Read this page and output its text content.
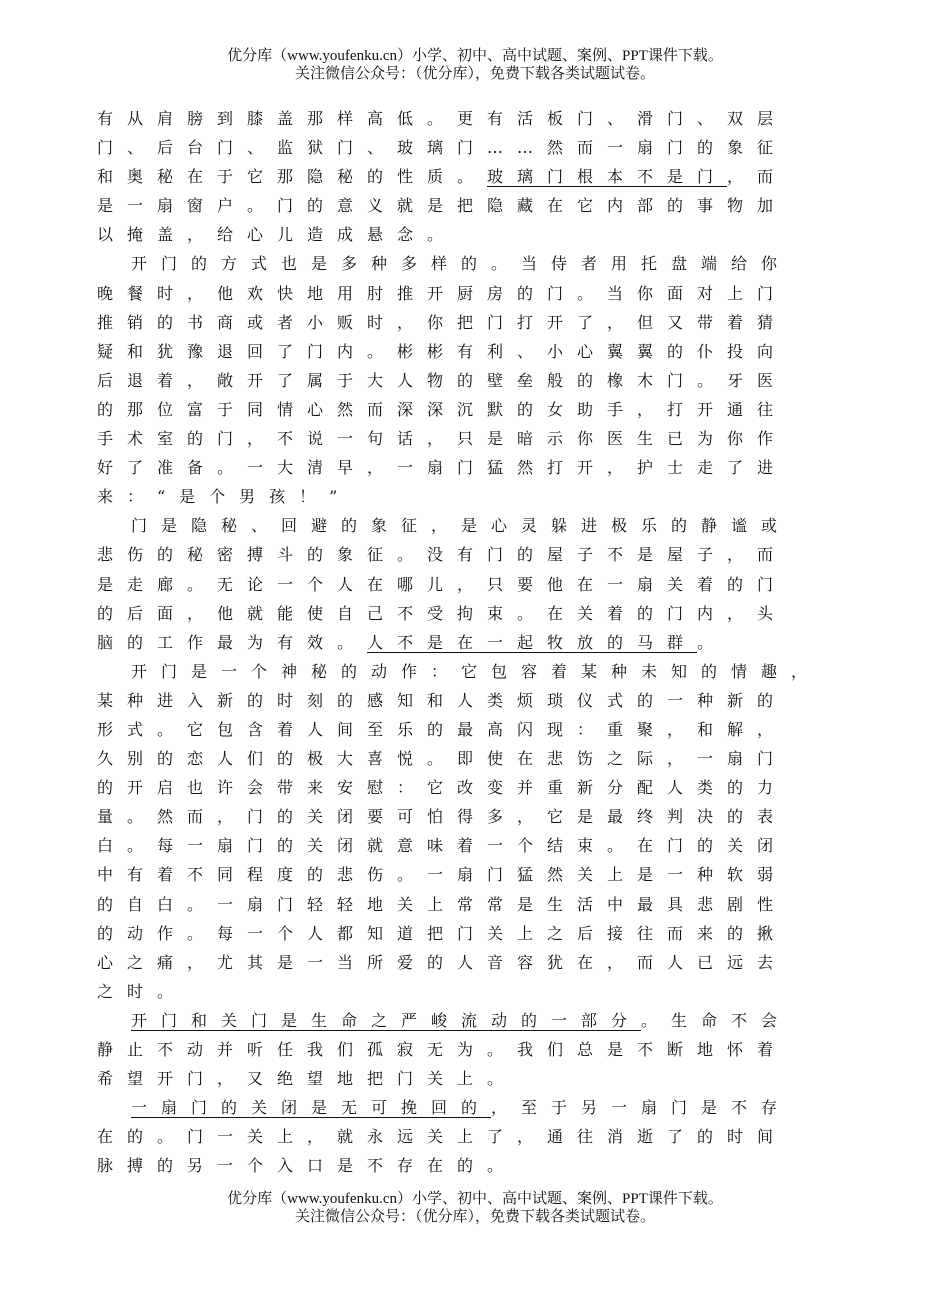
优分库（www.youfenku.cn）小学、初中、高中试题、案例、PPT课件下载。
关注微信公众号：（优分库），免费下载各类试题试卷。
有从肩膀到膝盖那样高低。更有活板门、滑门、双层
门、后台门、监狱门、玻璃门……然而一扇门的象征
和奥秘在于它那隐秘的性质。玻璃门根本不是门，而
是一扇窗户。门的意义就是把隐藏在它内部的事物加
以掩盖，给心儿造成悬念。
开门的方式也是多种多样的。当侍者用托盘端给你
晚餐时，他欢快地用肘推开厨房的门。当你面对上门
推销的书商或者小贩时，你把门打开了，但又带着猜
疑和犹豫退回了门内。彬彬有利、小心翼翼的仆投向
后退着，敞开了属于大人物的壁垒般的橡木门。牙医
的那位富于同情心然而深深沉默的女助手，打开通往
手术室的门，不说一句话，只是暗示你医生已为你作
好了准备。一大清早，一扇门猛然打开，护士走了进
来：“是个男孩！”
门是隐秘、回避的象征，是心灵躲进极乐的静谧或
悲伤的秘密搏斗的象征。没有门的屋子不是屋子，而
是走廊。无论一个人在哪儿，只要他在一扇关着的门
的后面，他就能使自己不受拘束。在关着的门内，头
脑的工作最为有效。人不是在一起牧放的马群。
开门是一个神秘的动作：它包容着某种未知的情趣，
某种进入新的时刻的感知和人类烦琐仪式的一种新的
形式。它包含着人间至乐的最高闪现：重聚，和解，
久别的恋人们的极大喜悦。即使在悲饬之际，一扇门
的开启也许会带来安慰：它改变并重新分配人类的力
量。然而，门的关闭要可怕得多，它是最终判决的表
白。每一扇门的关闭就意味着一个结束。在门的关闭
中有着不同程度的悲伤。一扇门猛然关上是一种软弱
的自白。一扇门轻轻地关上常常是生活中最具悲剧性
的动作。每一个人都知道把门关上之后接往而来的揪
心之痛，尤其是一当所爱的人音容犹在，而人已远去
之时。
开门和关门是生命之严峻流动的一部分。生命不会
静止不动并听任我们孤寂无为。我们总是不断地怀着
希望开门，又绝望地把门关上。
一扇门的关闭是无可挽回的，至于另一扇门是不存
在的。门一关上，就永远关上了，通往消逝了的时间
脉搏的另一个入口是不存在的。
优分库（www.youfenku.cn）小学、初中、高中试题、案例、PPT课件下载。
关注微信公众号：（优分库），免费下载各类试题试卷。
